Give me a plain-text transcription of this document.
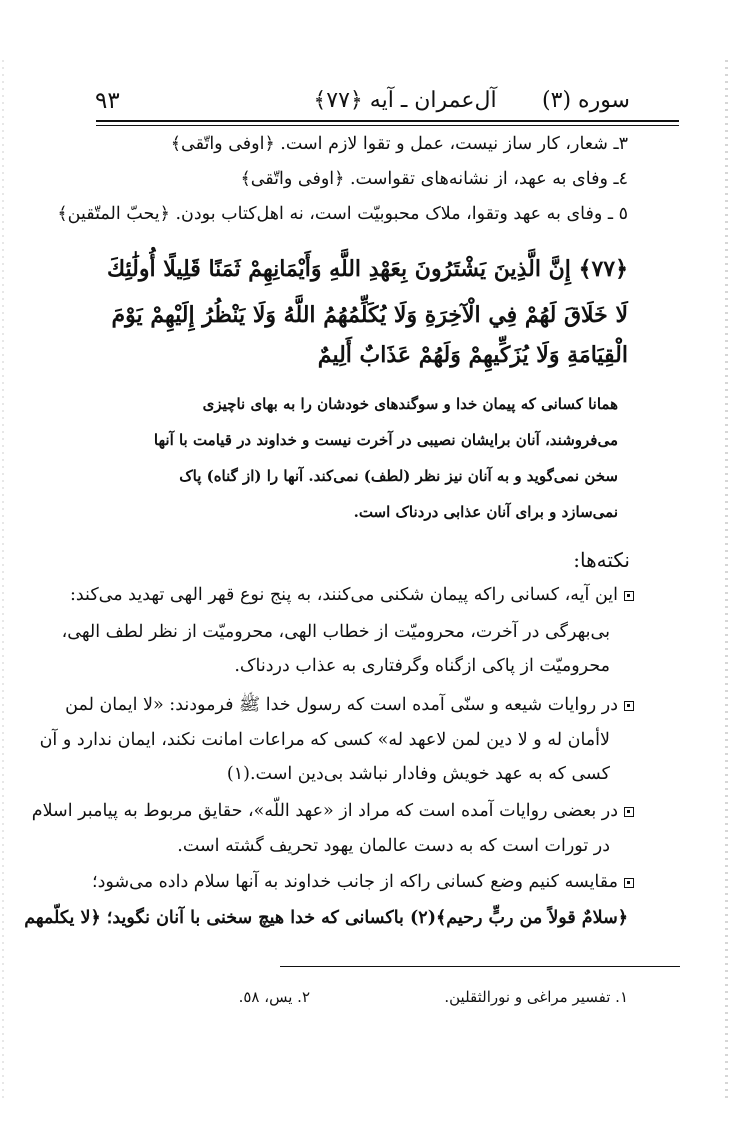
سوره (٣)
آل‌عمران ـ آیه ﴿٧٧﴾
٩٣
٣ـ شعار، کار ساز نیست، عمل و تقوا لازم است. ﴿اوفی واتّقی﴾
٤ـ وفای به عهد، از نشانه‌های تقواست. ﴿اوفی واتّقی﴾
٥ ـ وفای به عهد وتقوا، ملاک محبوبیّت است، نه اهل‌کتاب بودن. ﴿یحبّ المتّقین﴾
﴿٧٧﴾ إِنَّ الَّذِينَ يَشْتَرُونَ بِعَهْدِ اللَّهِ وَأَيْمَانِهِمْ ثَمَنًا قَلِيلًا أُولَٰئِكَ
لَا خَلَاقَ لَهُمْ فِي الْآخِرَةِ وَلَا يُكَلِّمُهُمُ اللَّهُ وَلَا يَنْظُرُ إِلَيْهِمْ يَوْمَ
الْقِيَامَةِ وَلَا يُزَكِّيهِمْ وَلَهُمْ عَذَابٌ أَلِيمٌ
همانا کسانی که پیمان خدا و سوگندهای خودشان را به بهای ناچیزی
می‌فروشند، آنان برایشان نصیبی در آخرت نیست و خداوند در قیامت با آنها
سخن نمی‌گوید و به آنان نیز نظر (لطف) نمی‌کند. آنها را (از گناه) پاک
نمی‌سازد و برای آنان عذابی دردناک است.
نکته‌ها:
این آیه، کسانی راکه پیمان شکنی می‌کنند، به پنج نوع قهر الهی تهدید می‌کند:
بی‌بهرگی در آخرت، محرومیّت از خطاب الهی، محرومیّت از نظر لطف الهی،
محرومیّت از پاکی ازگناه وگرفتاری به عذاب دردناک.
در روایات شیعه و سنّی آمده است که رسول خدا ﷺ فرمودند: «لا ایمان لمن
لاأمان له و لا دین لمن لاعهد له» کسی که مراعات امانت نکند، ایمان ندارد و آن
کسی که به عهد خویش وفادار نباشد بی‌دین است.(١)
در بعضی روایات آمده است که مراد از «عهد اللّه»، حقایق مربوط به پیامبر اسلام
در تورات است که به دست عالمان یهود تحریف گشته است.
مقایسه کنیم وضع کسانی راکه از جانب خداوند به آنها سلام داده می‌شود؛
﴿سلامٌ قولاً من ربٍّ رحیم﴾(٢) باکسانی که خدا هیچ سخنی با آنان نگوید؛ ﴿لا یکلّمهم
١. تفسیر مراغی و نورالثقلین.
٢. یس، ٥٨.
